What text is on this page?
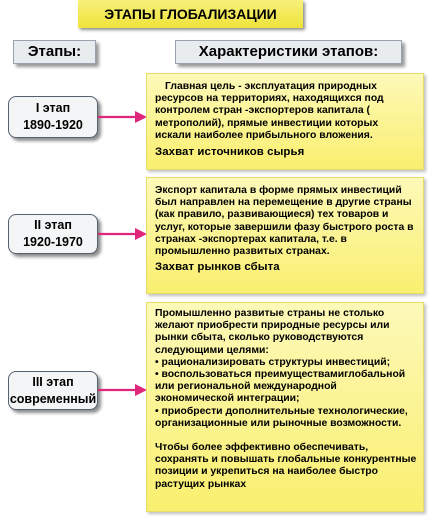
ЭТАПЫ ГЛОБАЛИЗАЦИИ
Этапы:	Характеристики этапов:
I этап
1890-1920

Главная цель - эксплуатация природных ресурсов на территориях, находящихся под контролем стран -экспортеров капитала ( метрополий), прямые инвестиции которых искали наиболее прибыльного вложения.

Захват источников сырья

II этап
1920-1970

Экспорт капитала в форме прямых инвестиций был направлен на перемещение в другие страны (как правило, развивающиеся) тех товаров и услуг, которые завершили фазу быстрого роста в странах -экспортерах капитала, т.е. в промышленно развитых странах.

Захват рынков сбыта

III этап
современный

Промышленно развитые страны не столько желают приобрести природные ресурсы или рынки сбыта, сколько руководствуются следующими целями:

• рационализировать структуры инвестиций;

• воспользоваться преимуществамиглобальной или региональной международной экономической интеграции;

• приобрести дополнительные технологические, организационные или рыночные возможности.

Чтобы более эффективно обеспечивать, сохранять и повышать глобальные конкурентные позиции и укрепиться на наиболее быстро растущих рынках
